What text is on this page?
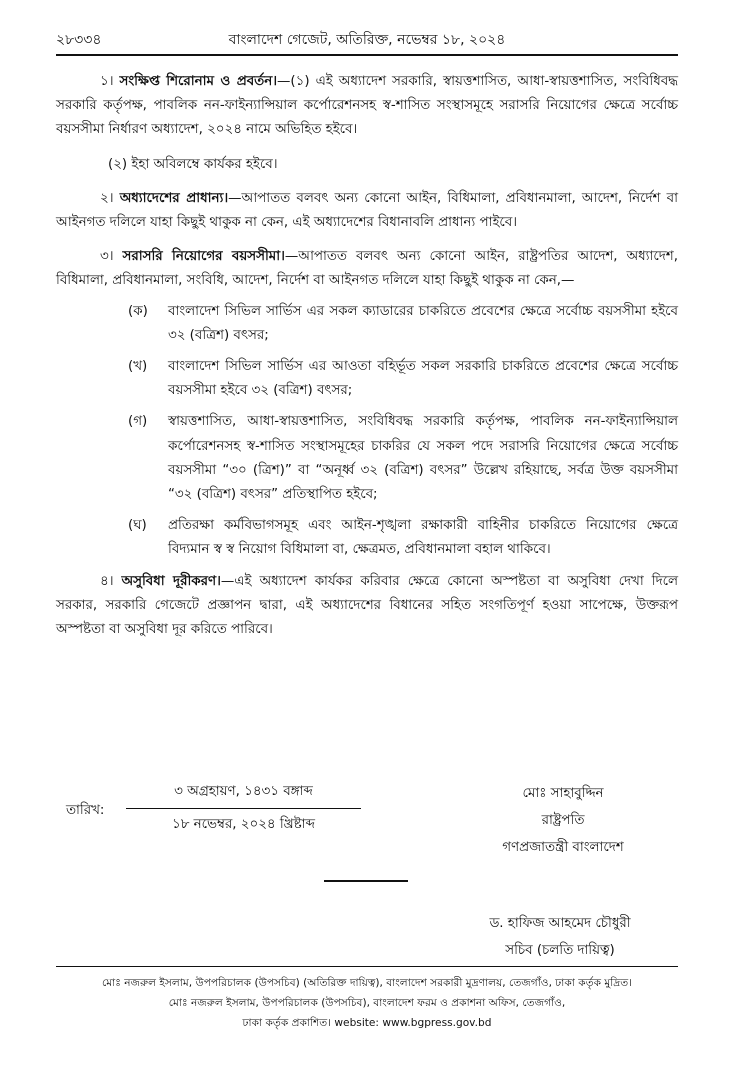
২৮৩৩৪	বাংলাদেশ গেজেট, অতিরিক্ত, নভেম্বর ১৮, ২০২৪

১। সংক্ষিপ্ত শিরোনাম ও প্রবর্তন।—(১) এই অধ্যাদেশ সরকারি, স্বায়ত্তশাসিত, আধা-স্বায়ত্তশাসিত, সংবিধিবদ্ধ সরকারি কর্তৃপক্ষ, পাবলিক নন-ফাইন্যান্সিয়াল কর্পোরেশনসহ স্ব-শাসিত সংস্থাসমূহে সরাসরি নিয়োগের ক্ষেত্রে সর্বোচ্চ বয়সসীমা নির্ধারণ অধ্যাদেশ, ২০২৪ নামে অভিহিত হইবে।

(২) ইহা অবিলম্বে কার্যকর হইবে।

২। অধ্যাদেশের প্রাধান্য।—আপাতত বলবৎ অন্য কোনো আইন, বিধিমালা, প্রবিধানমালা, আদেশ, নির্দেশ বা আইনগত দলিলে যাহা কিছুই থাকুক না কেন, এই অধ্যাদেশের বিধানাবলি প্রাধান্য পাইবে।

৩। সরাসরি নিয়োগের বয়সসীমা।—আপাতত বলবৎ অন্য কোনো আইন, রাষ্ট্রপতির আদেশ, অধ্যাদেশ, বিধিমালা, প্রবিধানমালা, সংবিধি, আদেশ, নির্দেশ বা আইনগত দলিলে যাহা কিছুই থাকুক না কেন,—

(ক) বাংলাদেশ সিভিল সার্ভিস এর সকল ক্যাডারের চাকরিতে প্রবেশের ক্ষেত্রে সর্বোচ্চ বয়সসীমা হইবে ৩২ (বত্রিশ) বৎসর;
(খ) বাংলাদেশ সিভিল সার্ভিস এর আওতা বহির্ভূত সকল সরকারি চাকরিতে প্রবেশের ক্ষেত্রে সর্বোচ্চ বয়সসীমা হইবে ৩২ (বত্রিশ) বৎসর;
(গ) স্বায়ত্তশাসিত, আধা-স্বায়ত্তশাসিত, সংবিধিবদ্ধ সরকারি কর্তৃপক্ষ, পাবলিক নন-ফাইন্যান্সিয়াল কর্পোরেশনসহ স্ব-শাসিত সংস্থাসমূহের চাকরির যে সকল পদে সরাসরি নিয়োগের ক্ষেত্রে সর্বোচ্চ বয়সসীমা “৩০ (ত্রিশ)” বা “অনূর্ধ্ব ৩২ (বত্রিশ) বৎসর” উল্লেখ রহিয়াছে, সর্বত্র উক্ত বয়সসীমা “৩২ (বত্রিশ) বৎসর” প্রতিস্থাপিত হইবে;
(ঘ) প্রতিরক্ষা কর্মবিভাগসমূহ এবং আইন-শৃঙ্খলা রক্ষাকারী বাহিনীর চাকরিতে নিয়োগের ক্ষেত্রে বিদ্যমান স্ব স্ব নিয়োগ বিধিমালা বা, ক্ষেত্রমত, প্রবিধানমালা বহাল থাকিবে।

৪। অসুবিধা দূরীকরণ।—এই অধ্যাদেশ কার্যকর করিবার ক্ষেত্রে কোনো অস্পষ্টতা বা অসুবিধা দেখা দিলে সরকার, সরকারি গেজেটে প্রজ্ঞাপন দ্বারা, এই অধ্যাদেশের বিধানের সহিত সংগতিপূর্ণ হওয়া সাপেক্ষে, উক্তরূপ অস্পষ্টতা বা অসুবিধা দূর করিতে পারিবে।

তারিখ:
৩ অগ্রহায়ণ, ১৪৩১ বঙ্গাব্দ
১৮ নভেম্বর, ২০২৪ খ্রিষ্টাব্দ
মোঃ সাহাবুদ্দিন
রাষ্ট্রপতি
গণপ্রজাতন্ত্রী বাংলাদেশ
ড. হাফিজ আহমেদ চৌধুরী
সচিব (চলতি দায়িত্ব)
মোঃ নজরুল ইসলাম, উপপরিচালক (উপসচিব) (অতিরিক্ত দায়িত্ব), বাংলাদেশ সরকারী মুদ্রণালয়, তেজগাঁও, ঢাকা কর্তৃক মুদ্রিত।
মোঃ নজরুল ইসলাম, উপপরিচালক (উপসচিব), বাংলাদেশ ফরম ও প্রকাশনা অফিস, তেজগাঁও,
ঢাকা কর্তৃক প্রকাশিত। website: www.bgpress.gov.bd
